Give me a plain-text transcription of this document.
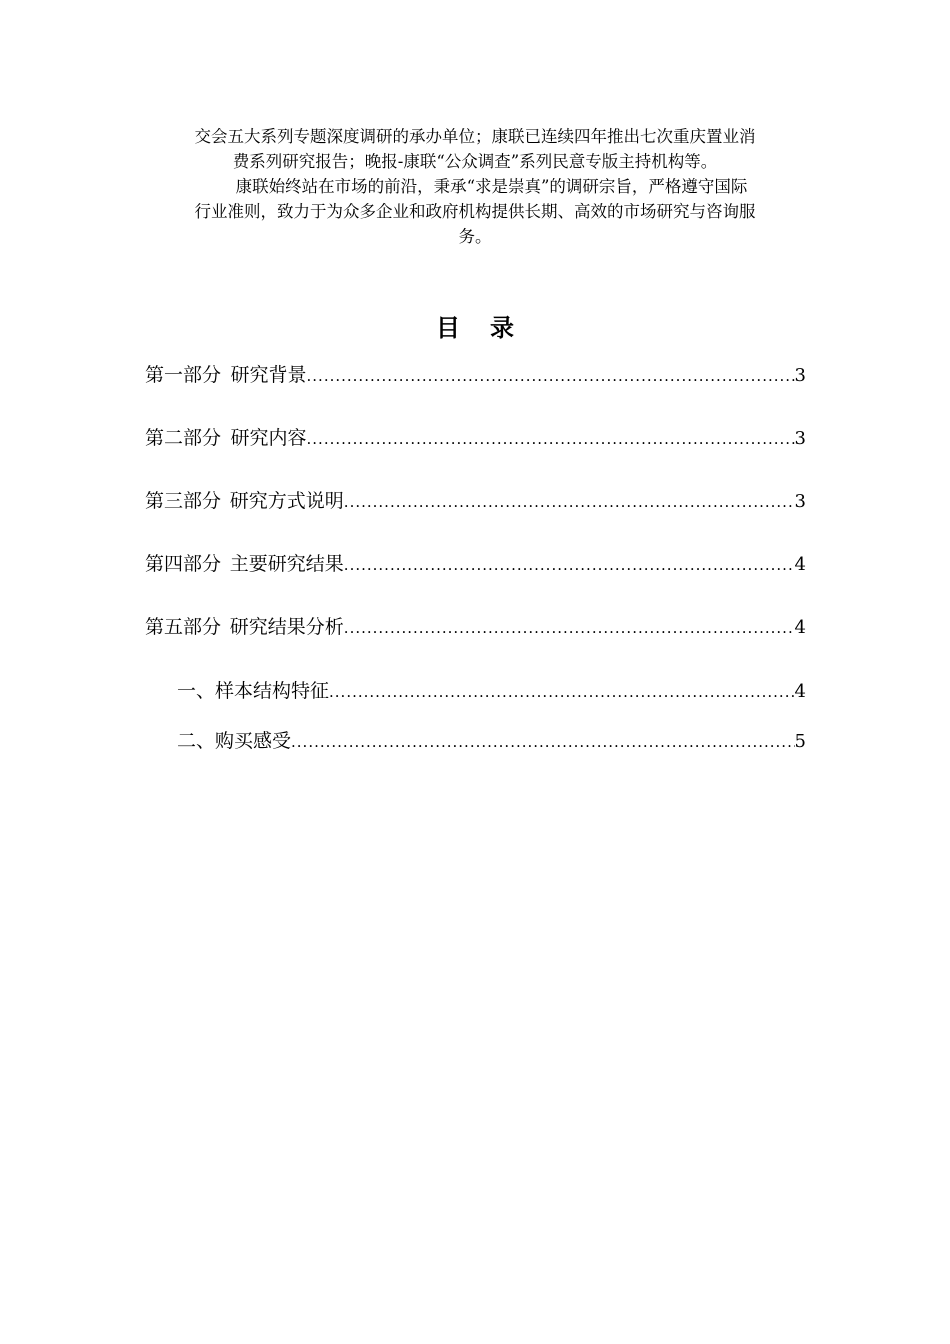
交会五大系列专题深度调研的承办单位；康联已连续四年推出七次重庆置业消

费系列研究报告；晚报-康联“公众调查”系列民意专版主持机构等。

　　康联始终站在市场的前沿，秉承“求是崇真”的调研宗旨，严格遵守国际

行业准则，致力于为众多企业和政府机构提供长期、高效的市场研究与咨询服

务。

目录
第一部分 研究背景 .....	3
第二部分 研究内容 .....	3
第三部分 研究方式说明 .....	3
第四部分 主要研究结果 .....	4
第五部分 研究结果分析 .....	4
一、样本结构特征 .....	4
二、购买感受 .....	5
